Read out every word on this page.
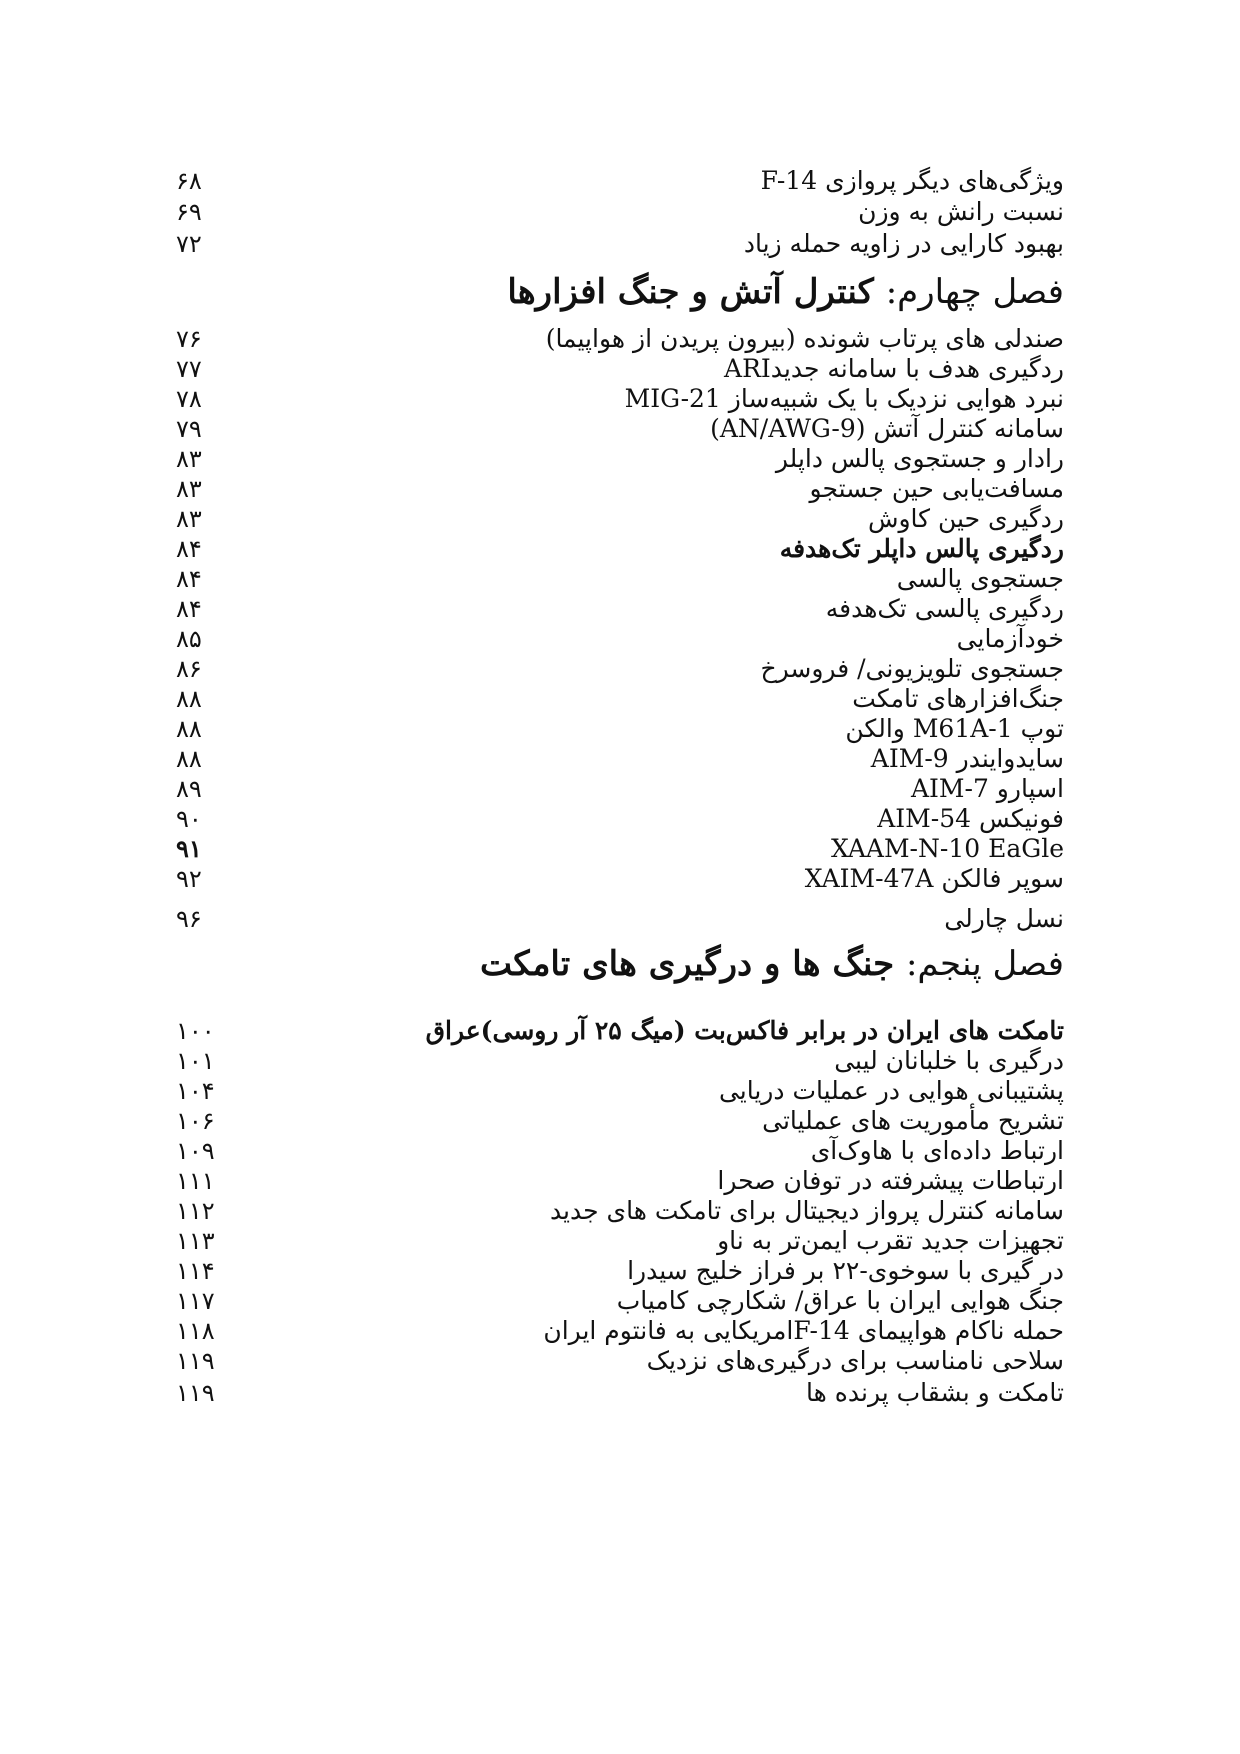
ویژگی‌های دیگر پروازی F-14
۶۸
نسبت رانش به وزن
۶۹
بهبود کارایی در زاویه حمله زیاد
۷۲
فصل چهارم: کنترل آتش و جنگ افزارها
صندلی های پرتاب شونده (بیرون پریدن از هواپیما)
۷۶
ردگیری هدف با سامانه جدیدARI
۷۷
نبرد هوایی نزدیک با یک شبیه‌ساز MIG-21
۷۸
سامانه کنترل آتش (AN/AWG-9)
۷۹
رادار و جستجوی پالس داپلر
۸۳
مسافت‌یابی حین جستجو
۸۳
ردگیری حین کاوش
۸۳
ردگیری پالس داپلر تک‌هدفه
۸۴
جستجوی پالسی
۸۴
ردگیری پالسی تک‌هدفه
۸۴
خودآزمایی
۸۵
جستجوی تلویزیونی/ فروسرخ
۸۶
جنگ‌افزارهای تامکت
۸۸
توپ M61A-1 والکن
۸۸
سایدوایندر AIM-9
۸۸
AIM-7 اسپارو
۸۹
AIM-54 فونیکس
۹۰
XAAM-N-10 EaGle
۹۱
XAIM-47A سوپر فالکن
۹۲
نسل چارلی
۹۶
فصل پنجم: جنگ ها و درگیری های تامکت
تامکت های ایران در برابر فاکس‌بت (میگ ۲۵ آر روسی)عراق
۱۰۰
درگیری با خلبانان لیبی
۱۰۱
پشتیبانی هوایی در عملیات دریایی
۱۰۴
تشریح مأموریت های عملیاتی
۱۰۶
ارتباط داده‌ای با هاوک‌آی
۱۰۹
ارتباطات پیشرفته در توفان صحرا
۱۱۱
سامانه کنترل پرواز دیجیتال برای تامکت های جدید
۱۱۲
تجهیزات جدید تقرب ایمن‌تر به ناو
۱۱۳
در گیری با سوخوی-۲۲ بر فراز خلیج سیدرا
۱۱۴
جنگ هوایی ایران با عراق/ شکارچی کامیاب
۱۱۷
حمله ناکام هواپیمای F-14امریکایی به فانتوم ایران
۱۱۸
سلاحی نامناسب برای درگیری‌های نزدیک
۱۱۹
تامکت و بشقاب پرنده ها
۱۱۹
